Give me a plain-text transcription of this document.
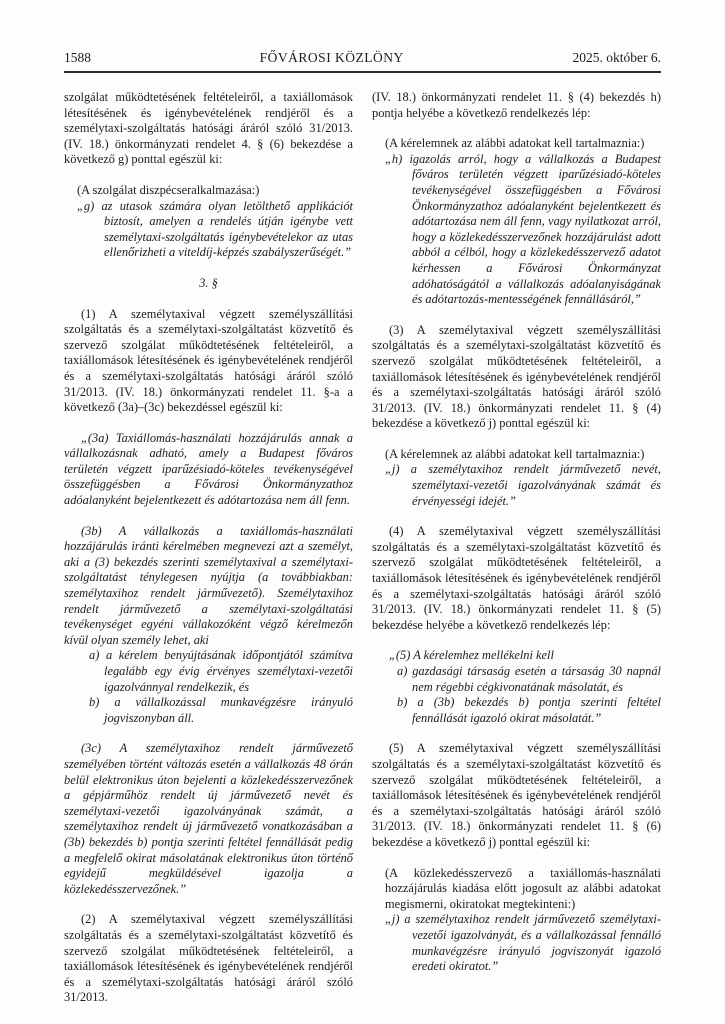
1588	FŐVÁROSI KÖZLÖNY	2025. október 6.

szolgálat működtetésének feltételeiről, a taxiállomások létesítésének és igénybevételének rendjéről és a személytaxi-szolgáltatás hatósági áráról szóló 31/2013. (IV. 18.) önkormányzati rendelet 4. § (6) bekezdése a következő g) ponttal egészül ki:

(A szolgálat diszpécseralkalmazása:)

„g) az utasok számára olyan letölthető applikációt biztosít, amelyen a rendelés útján igénybe vett személytaxi-szolgáltatás igénybevételekor az utas ellenőrizheti a viteldíj-képzés szabályszerűségét.”

3. §

(1) A személytaxival végzett személyszállítási szolgáltatás és a személytaxi-szolgáltatást közvetítő és szervező szolgálat működtetésének feltételeiről, a taxiállomások létesítésének és igénybevételének rendjéről és a személytaxi-szolgáltatás hatósági áráról szóló 31/2013. (IV. 18.) önkormányzati rendelet 11. §-a a következő (3a)–(3c) bekezdéssel egészül ki:

„(3a) Taxiállomás-használati hozzájárulás annak a vállalkozásnak adható, amely a Budapest főváros területén végzett iparűzésiadó-köteles tevékenységével összefüggésben a Fővárosi Önkormányzathoz adóalanyként bejelentkezett és adótartozása nem áll fenn.

(3b) A vállalkozás a taxiállomás-használati hozzájárulás iránti kérelmében megnevezi azt a személyt, aki a (3) bekezdés szerinti személytaxival a személytaxi-szolgáltatást ténylegesen nyújtja (a továbbiakban: személytaxihoz rendelt járművezető). Személytaxihoz rendelt járművezető a személytaxi-szolgáltatási tevékenységet egyéni vállakozóként végző kérelmezőn kívül olyan személy lehet, aki

a) a kérelem benyújtásának időpontjától számítva legalább egy évig érvényes személytaxi-vezetői igazolvánnyal rendelkezik, és

b) a vállalkozással munkavégzésre irányuló jogviszonyban áll.

(3c) A személytaxihoz rendelt járművezető személyében történt változás esetén a vállalkozás 48 órán belül elektronikus úton bejelenti a közlekedésszervezőnek a gépjárműhöz rendelt új járművezető nevét és személytaxi-vezetői igazolványának számát, a személytaxihoz rendelt új járművezető vonatkozásában a (3b) bekezdés b) pontja szerinti feltétel fennállását pedig a megfelelő okirat másolatának elektronikus úton történő egyidejű megküldésével igazolja a közlekedésszervezőnek.”

(2) A személytaxival végzett személyszállítási szolgáltatás és a személytaxi-szolgáltatást közvetítő és szervező szolgálat működtetésének feltételeiről, a taxiállomások létesítésének és igénybevételének rendjéről és a személytaxi-szolgáltatás hatósági áráról szóló 31/2013.

(IV. 18.) önkormányzati rendelet 11. § (4) bekezdés h) pontja helyébe a következő rendelkezés lép:

(A kérelemnek az alábbi adatokat kell tartalmaznia:)

„h) igazolás arról, hogy a vállalkozás a Budapest főváros területén végzett iparűzésiadó-köteles tevékenységével összefüggésben a Fővárosi Önkormányzathoz adóalanyként bejelentkezett és adótartozása nem áll fenn, vagy nyilatkozat arról, hogy a közlekedésszervezőnek hozzájárulást adott abból a célból, hogy a közlekedésszervező adatot kérhessen a Fővárosi Önkormányzat adóhatóságától a vállalkozás adóalanyiságának és adótartozás-mentességének fennállásáról,”

(3) A személytaxival végzett személyszállítási szolgáltatás és a személytaxi-szolgáltatást közvetítő és szervező szolgálat működtetésének feltételeiről, a taxiállomások létesítésének és igénybevételének rendjéről és a személytaxi-szolgáltatás hatósági áráról szóló 31/2013. (IV. 18.) önkormányzati rendelet 11. § (4) bekezdése a következő j) ponttal egészül ki:

(A kérelemnek az alábbi adatokat kell tartalmaznia:)

„j) a személytaxihoz rendelt járművezető nevét, személytaxi-vezetői igazolványának számát és érvényességi idejét.”

(4) A személytaxival végzett személyszállítási szolgáltatás és a személytaxi-szolgáltatást közvetítő és szervező szolgálat működtetésének feltételeiről, a taxiállomások létesítésének és igénybevételének rendjéről és a személytaxi-szolgáltatás hatósági áráról szóló 31/2013. (IV. 18.) önkormányzati rendelet 11. § (5) bekezdése helyébe a következő rendelkezés lép:

„(5) A kérelemhez mellékelni kell

a) gazdasági társaság esetén a társaság 30 napnál nem régebbi cégkivonatának másolatát, és

b) a (3b) bekezdés b) pontja szerinti feltétel fennállását igazoló okirat másolatát.”

(5) A személytaxival végzett személyszállítási szolgáltatás és a személytaxi-szolgáltatást közvetítő és szervező szolgálat működtetésének feltételeiről, a taxiállomások létesítésének és igénybevételének rendjéről és a személytaxi-szolgáltatás hatósági áráról szóló 31/2013. (IV. 18.) önkormányzati rendelet 11. § (6) bekezdése a következő j) ponttal egészül ki:

(A közlekedésszervező a taxiállomás-használati hozzájárulás kiadása előtt jogosult az alábbi adatokat megismerni, okiratokat megtekinteni:)

„j) a személytaxihoz rendelt járművezető személytaxi-vezetői igazolványát, és a vállalkozással fennálló munkavégzésre irányuló jogviszonyát igazoló eredeti okiratot.”
